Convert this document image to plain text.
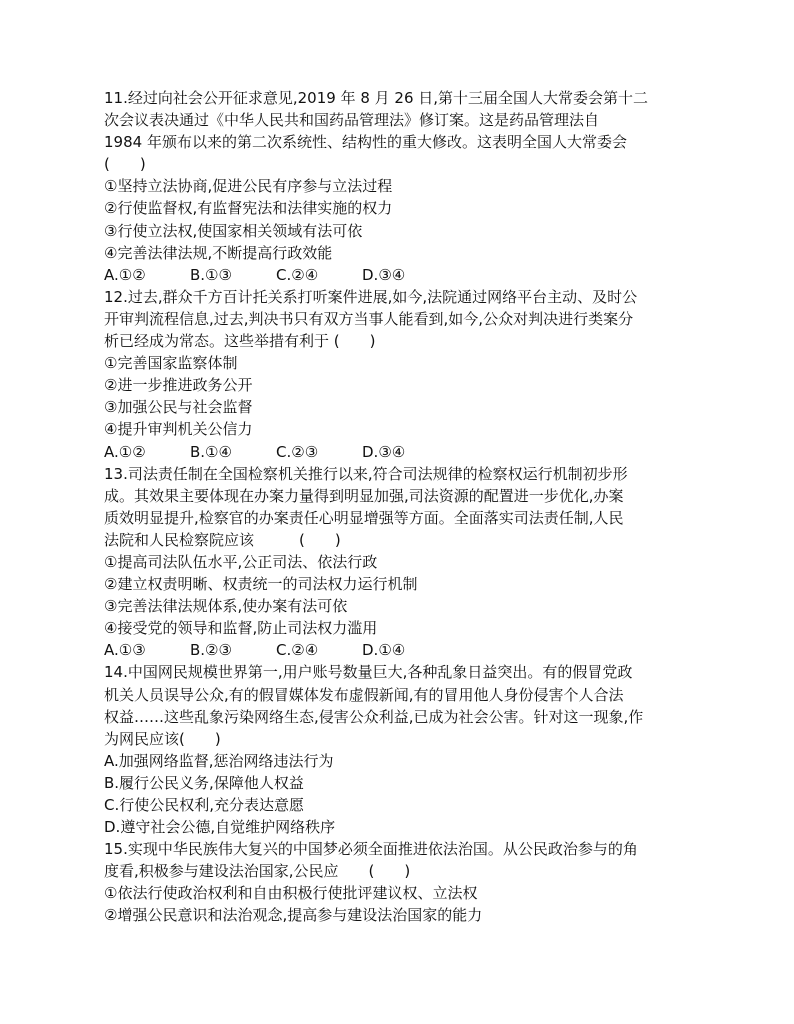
11.经过向社会公开征求意见,2019 年 8 月 26 日,第十三届全国人大常委会第十二
次会议表决通过《中华人民共和国药品管理法》修订案。这是药品管理法自
1984 年颁布以来的第二次系统性、结构性的重大修改。这表明全国人大常委会
(　　)
①坚持立法协商,促进公民有序参与立法过程
②行使监督权,有监督宪法和法律实施的权力
③行使立法权,使国家相关领域有法可依
④完善法律法规,不断提高行政效能
A.①②	B.①③	C.②④	D.③④
12.过去,群众千方百计托关系打听案件进展,如今,法院通过网络平台主动、及时公
开审判流程信息,过去,判决书只有双方当事人能看到,如今,公众对判决进行类案分
析已经成为常态。这些举措有利于 (　　)
①完善国家监察体制
②进一步推进政务公开
③加强公民与社会监督
④提升审判机关公信力
A.①②	B.①④	C.②③	D.③④
13.司法责任制在全国检察机关推行以来,符合司法规律的检察权运行机制初步形
成。其效果主要体现在办案力量得到明显加强,司法资源的配置进一步优化,办案
质效明显提升,检察官的办案责任心明显增强等方面。全面落实司法责任制,人民
法院和人民检察院应该　　　(　　)
①提高司法队伍水平,公正司法、依法行政
②建立权责明晰、权责统一的司法权力运行机制
③完善法律法规体系,使办案有法可依
④接受党的领导和监督,防止司法权力滥用
A.①③	B.②③	C.②④	D.①④
14.中国网民规模世界第一,用户账号数量巨大,各种乱象日益突出。有的假冒党政
机关人员误导公众,有的假冒媒体发布虚假新闻,有的冒用他人身份侵害个人合法
权益……这些乱象污染网络生态,侵害公众利益,已成为社会公害。针对这一现象,作
为网民应该(　　)
A.加强网络监督,惩治网络违法行为
B.履行公民义务,保障他人权益
C.行使公民权利,充分表达意愿
D.遵守社会公德,自觉维护网络秩序
15.实现中华民族伟大复兴的中国梦必须全面推进依法治国。从公民政治参与的角
度看,积极参与建设法治国家,公民应　　(　　)
①依法行使政治权利和自由积极行使批评建议权、立法权
②增强公民意识和法治观念,提高参与建设法治国家的能力
